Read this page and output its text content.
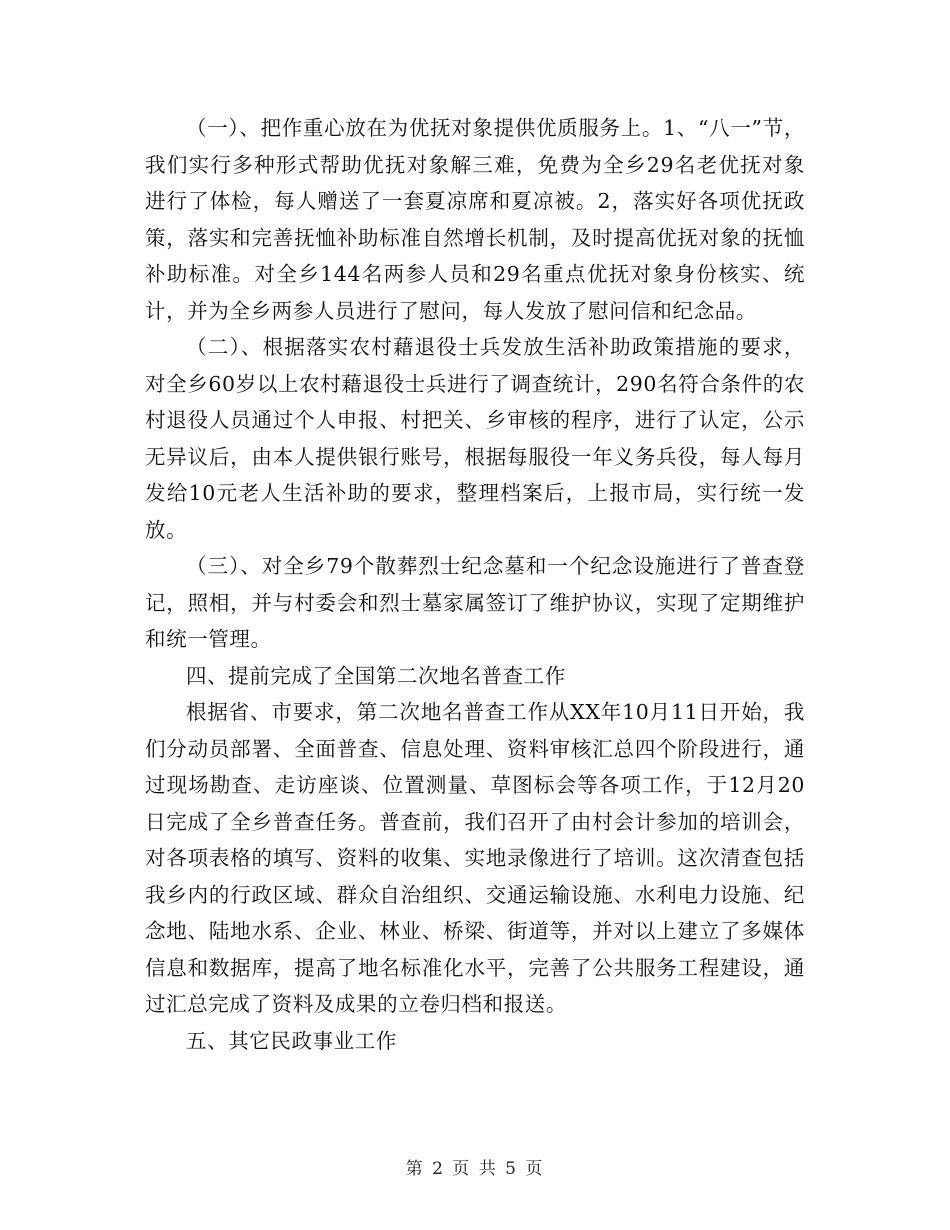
（一）、把作重心放在为优抚对象提供优质服务上。1、“八一”节，我们实行多种形式帮助优抚对象解三难，免费为全乡29名老优抚对象进行了体检，每人赠送了一套夏凉席和夏凉被。2，落实好各项优抚政策，落实和完善抚恤补助标准自然增长机制，及时提高优抚对象的抚恤补助标准。对全乡144名两参人员和29名重点优抚对象身份核实、统计，并为全乡两参人员进行了慰问，每人发放了慰问信和纪念品。

（二）、根据落实农村藉退役士兵发放生活补助政策措施的要求，对全乡60岁以上农村藉退役士兵进行了调查统计，290名符合条件的农村退役人员通过个人申报、村把关、乡审核的程序，进行了认定，公示无异议后，由本人提供银行账号，根据每服役一年义务兵役，每人每月发给10元老人生活补助的要求，整理档案后，上报市局，实行统一发放。

（三）、对全乡79个散葬烈士纪念墓和一个纪念设施进行了普查登记，照相，并与村委会和烈士墓家属签订了维护协议，实现了定期维护和统一管理。

四、提前完成了全国第二次地名普查工作

根据省、市要求，第二次地名普查工作从XX年10月11日开始，我们分动员部署、全面普查、信息处理、资料审核汇总四个阶段进行，通过现场勘查、走访座谈、位置测量、草图标会等各项工作，于12月20日完成了全乡普查任务。普查前，我们召开了由村会计参加的培训会，对各项表格的填写、资料的收集、实地录像进行了培训。这次清查包括我乡内的行政区域、群众自治组织、交通运输设施、水利电力设施、纪念地、陆地水系、企业、林业、桥梁、街道等，并对以上建立了多媒体信息和数据库，提高了地名标准化水平，完善了公共服务工程建设，通过汇总完成了资料及成果的立卷归档和报送。

五、其它民政事业工作

第 2 页 共 5 页
